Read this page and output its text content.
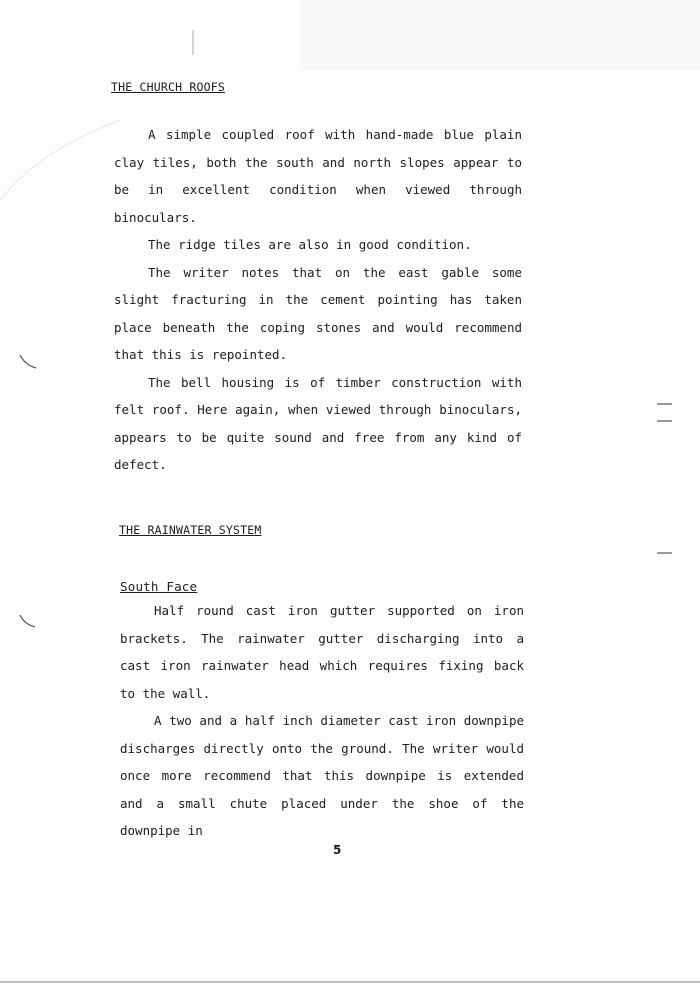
THE CHURCH ROOFS

A simple coupled roof with hand-made blue plain clay tiles, both the south and north slopes appear to be in excellent condition when viewed through binoculars.

The ridge tiles are also in good condition.

The writer notes that on the east gable some slight fracturing in the cement pointing has taken place beneath the coping stones and would recommend that this is repointed.

The bell housing is of timber construction with felt roof. Here again, when viewed through binoculars, appears to be quite sound and free from any kind of defect.

THE RAINWATER SYSTEM
South Face

Half round cast iron gutter supported on iron brackets. The rainwater gutter discharging into a cast iron rainwater head which requires fixing back to the wall.

A two and a half inch diameter cast iron downpipe discharges directly onto the ground. The writer would once more recommend that this downpipe is extended and a small chute placed under the shoe of the downpipe in

5
